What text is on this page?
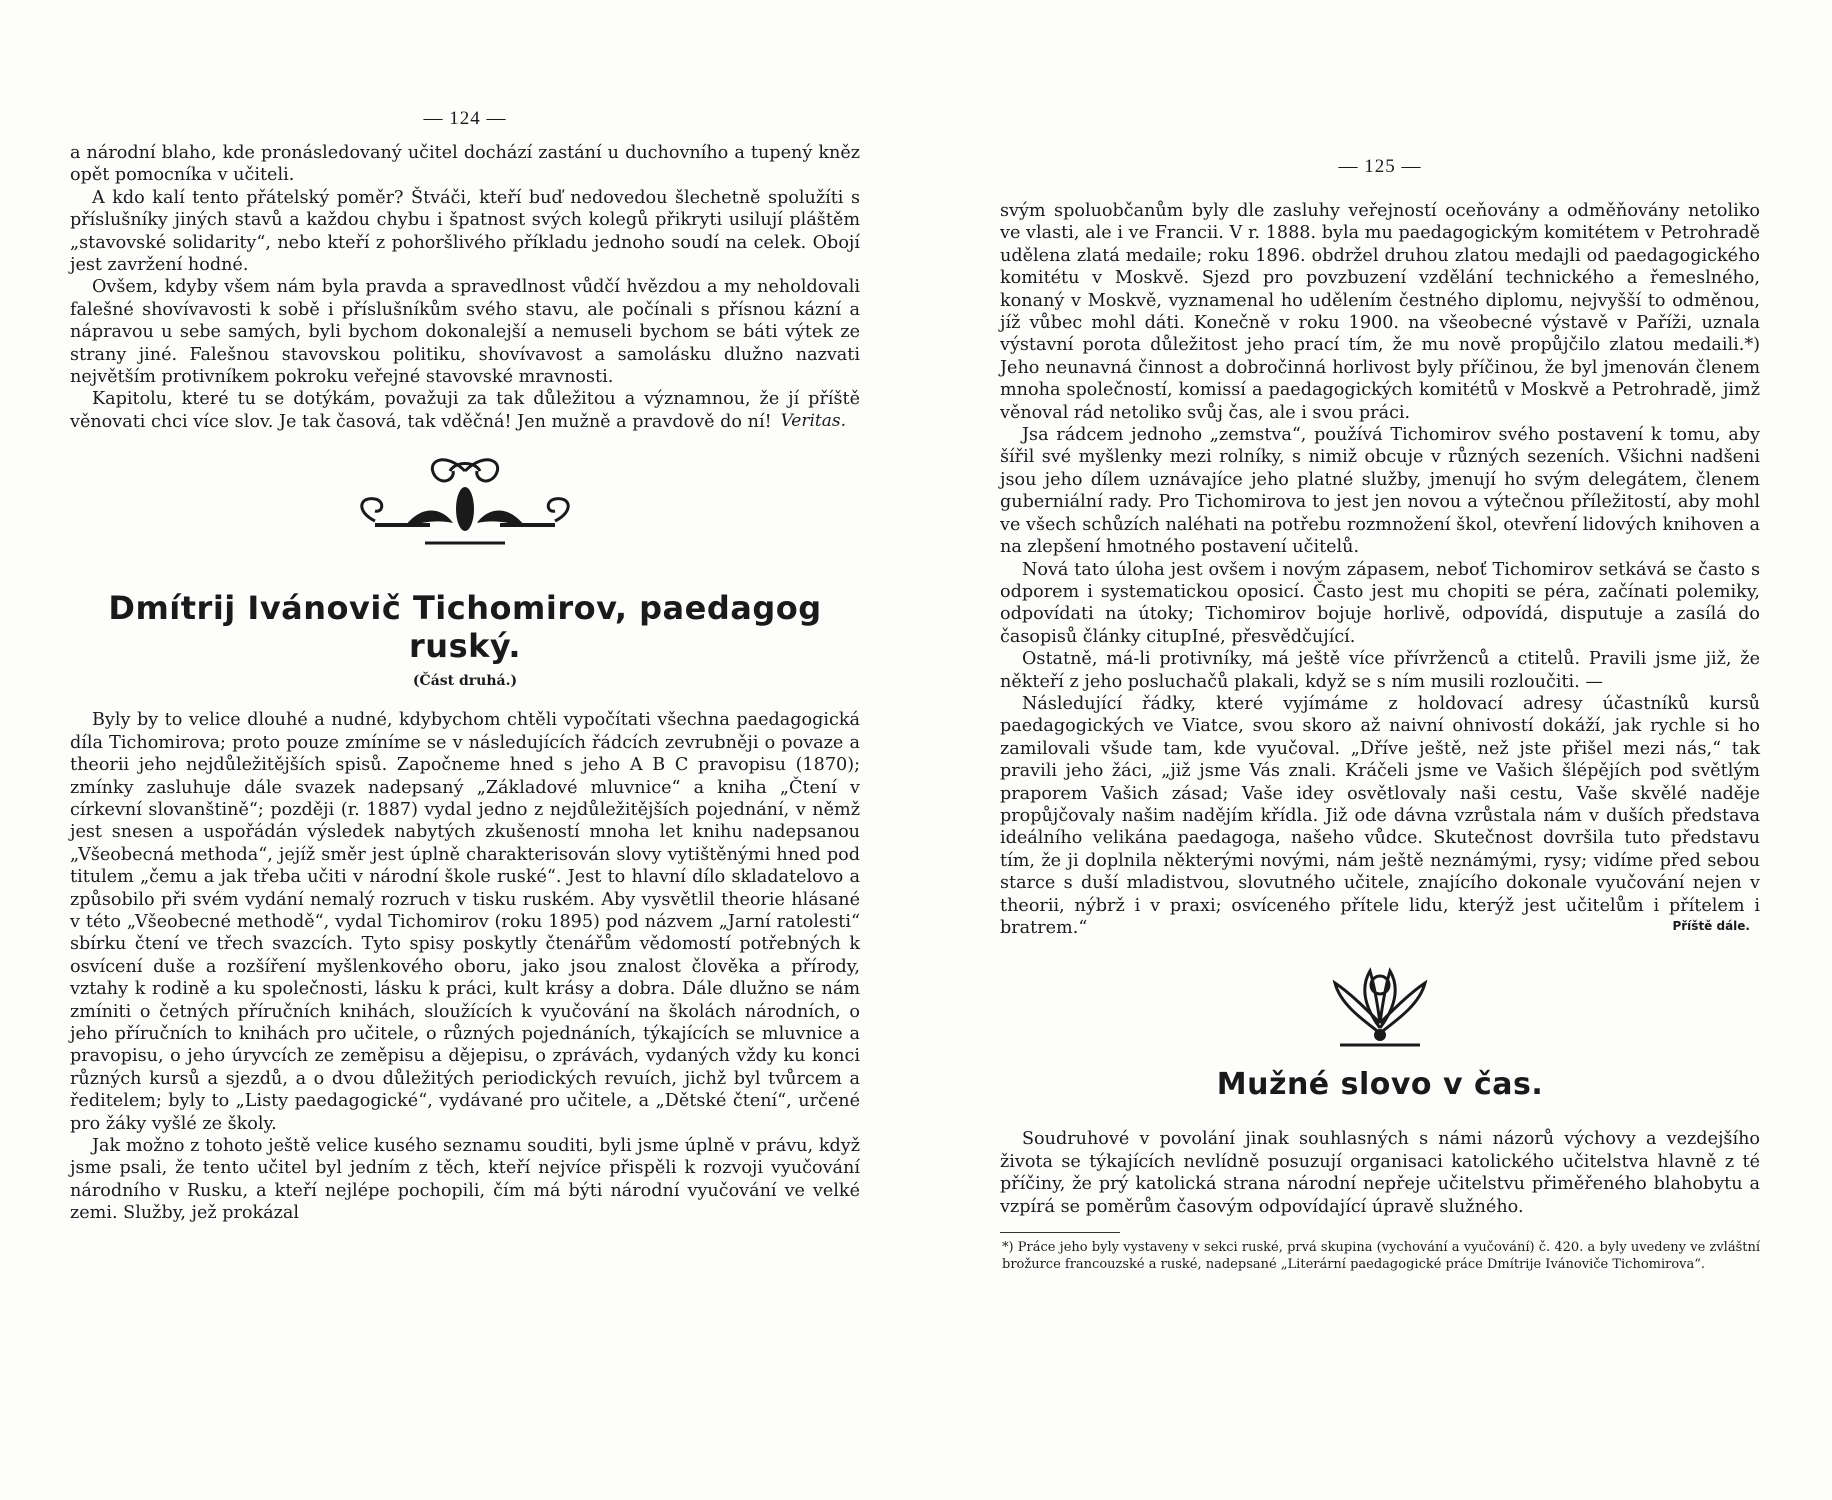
— 124 —

a národní blaho, kde pronásledovaný učitel dochází zastání u duchovního a tupený kněz opět pomocníka v učiteli.

A kdo kalí tento přátelský poměr? Štváči, kteří buď nedovedou šlechetně spolužíti s příslušníky jiných stavů a každou chybu i špatnost svých kolegů přikryti usilují pláštěm „stavovské solidarity“, nebo kteří z pohoršlivého příkladu jednoho soudí na celek. Obojí jest zavržení hodné.

Ovšem, kdyby všem nám byla pravda a spravedlnost vůdčí hvězdou a my neholdovali falešné shovívavosti k sobě i příslušníkům svého stavu, ale počínali s přísnou kázní a nápravou u sebe samých, byli bychom dokonalejší a nemuseli bychom se báti výtek ze strany jiné. Falešnou stavovskou politiku, shovívavost a samolásku dlužno nazvati největším protivníkem pokroku veřejné stavovské mravnosti.

Kapitolu, které tu se dotýkám, považuji za tak důležitou a významnou, že jí příště věnovati chci více slov. Je tak časová, tak vděčná! Jen mužně a pravdově do ní! Veritas.
Dmítrij Ivánovič Tichomirov, paedagog ruský.
(Část druhá.)

Byly by to velice dlouhé a nudné, kdybychom chtěli vypočítati všechna paedagogická díla Tichomirova; proto pouze zmíníme se v následujících řádcích zevrubněji o povaze a theorii jeho nejdůležitějších spisů. Započneme hned s jeho A B C pravopisu (1870); zmínky zasluhuje dále svazek nadepsaný „Základové mluvnice“ a kniha „Čtení v církevní slovanštině“; později (r. 1887) vydal jedno z nejdůležitějších pojednání, v němž jest snesen a uspořádán výsledek nabytých zkušeností mnoha let knihu nadepsanou „Všeobecná methoda“, jejíž směr jest úplně charakterisován slovy vytištěnými hned pod titulem „čemu a jak třeba učiti v národní škole ruské“. Jest to hlavní dílo skladatelovo a způsobilo při svém vydání nemalý rozruch v tisku ruském. Aby vysvětlil theorie hlásané v této „Všeobecné methodě“, vydal Tichomirov (roku 1895) pod názvem „Jarní ratolesti“ sbírku čtení ve třech svazcích. Tyto spisy poskytly čtenářům vědomostí potřebných k osvícení duše a rozšíření myšlenkového oboru, jako jsou znalost člověka a přírody, vztahy k rodině a ku společnosti, lásku k práci, kult krásy a dobra. Dále dlužno se nám zmíniti o četných příručních knihách, sloužících k vyučování na školách národních, o jeho příručních to knihách pro učitele, o různých pojednáních, týkajících se mluvnice a pravopisu, o jeho úryvcích ze zeměpisu a dějepisu, o zprávách, vydaných vždy ku konci různých kursů a sjezdů, a o dvou důležitých periodických revuích, jichž byl tvůrcem a ředitelem; byly to „Listy paedagogické“, vydávané pro učitele, a „Dětské čtení“, určené pro žáky vyšlé ze školy.

Jak možno z tohoto ještě velice kusého seznamu souditi, byli jsme úplně v právu, když jsme psali, že tento učitel byl jedním z těch, kteří nejvíce přispěli k rozvoji vyučování národního v Rusku, a kteří nejlépe pochopili, čím má býti národní vyučování ve velké zemi. Služby, jež prokázal

— 125 —

svým spoluobčanům byly dle zasluhy veřejností oceňovány a odměňovány netoliko ve vlasti, ale i ve Francii. V r. 1888. byla mu paedagogickým komitétem v Petrohradě udělena zlatá medaile; roku 1896. obdržel druhou zlatou medajli od paedagogického komitétu v Moskvě. Sjezd pro povzbuzení vzdělání technického a řemeslného, konaný v Moskvě, vyznamenal ho udělením čestného diplomu, nejvyšší to odměnou, jíž vůbec mohl dáti. Konečně v roku 1900. na všeobecné výstavě v Paříži, uznala výstavní porota důležitost jeho prací tím, že mu nově propůjčilo zlatou medaili.*) Jeho neunavná činnost a dobročinná horlivost byly příčinou, že byl jmenován členem mnoha společností, komissí a paedagogických komitétů v Moskvě a Petrohradě, jimž věnoval rád netoliko svůj čas, ale i svou práci.

Jsa rádcem jednoho „zemstva“, používá Tichomirov svého postavení k tomu, aby šířil své myšlenky mezi rolníky, s nimiž obcuje v různých sezeních. Všichni nadšeni jsou jeho dílem uznávajíce jeho platné služby, jmenují ho svým delegátem, členem guberniální rady. Pro Tichomirova to jest jen novou a výtečnou příležitostí, aby mohl ve všech schůzích naléhati na potřebu rozmnožení škol, otevření lidových knihoven a na zlepšení hmotného postavení učitelů.

Nová tato úloha jest ovšem i novým zápasem, neboť Tichomirov setkává se často s odporem i systematickou oposicí. Často jest mu chopiti se péra, začínati polemiky, odpovídati na útoky; Tichomirov bojuje horlivě, odpovídá, disputuje a zasílá do časopisů články citupIné, přesvědčující.

Ostatně, má-li protivníky, má ještě více přívrženců a ctitelů. Pravili jsme již, že někteří z jeho posluchačů plakali, když se s ním musili rozloučiti. —

Následující řádky, které vyjímáme z holdovací adresy účastníků kursů paedagogických ve Viatce, svou skoro až naivní ohnivostí dokáží, jak rychle si ho zamilovali všude tam, kde vyučoval. „Dříve ještě, než jste přišel mezi nás,“ tak pravili jeho žáci, „již jsme Vás znali. Kráčeli jsme ve Vašich šlépějích pod světlým praporem Vašich zásad; Vaše idey osvětlovaly naši cestu, Vaše skvělé naděje propůjčovaly našim nadějím křídla. Již ode dávna vzrůstala nám v duších představa ideálního velikána paedagoga, našeho vůdce. Skutečnost dovršila tuto představu tím, že ji doplnila některými novými, nám ještě neznámými, rysy; vidíme před sebou starce s duší mladistvou, slovutného učitele, znajícího dokonale vyučování nejen v theorii, nýbrž i v praxi; osvíceného přítele lidu, kterýž jest učitelům i přítelem i bratrem.“	Příště dále.
Mužné slovo v čas.

Soudruhové v povolání jinak souhlasných s námi názorů výchovy a vezdejšího života se týkajících nevlídně posuzují organisaci katolického učitelstva hlavně z té příčiny, že prý katolická strana národní nepřeje učitelstvu přiměřeného blahobytu a vzpírá se poměrům časovým odpovídající úpravě služného.

*) Práce jeho byly vystaveny v sekci ruské, prvá skupina (vychování a vyučování) č. 420. a byly uvedeny ve zvláštní brožurce francouzské a ruské, nadepsané „Literární paedagogické práce Dmítrije Ivánoviče Tichomirova“.
